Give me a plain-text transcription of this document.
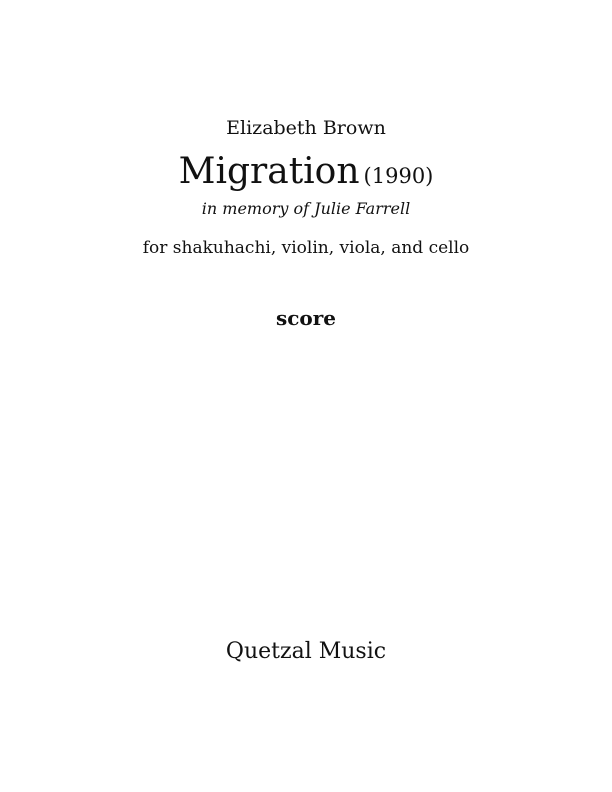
Elizabeth Brown
Migration (1990)
in memory of Julie Farrell
for shakuhachi, violin, viola, and cello
score
Quetzal Music
